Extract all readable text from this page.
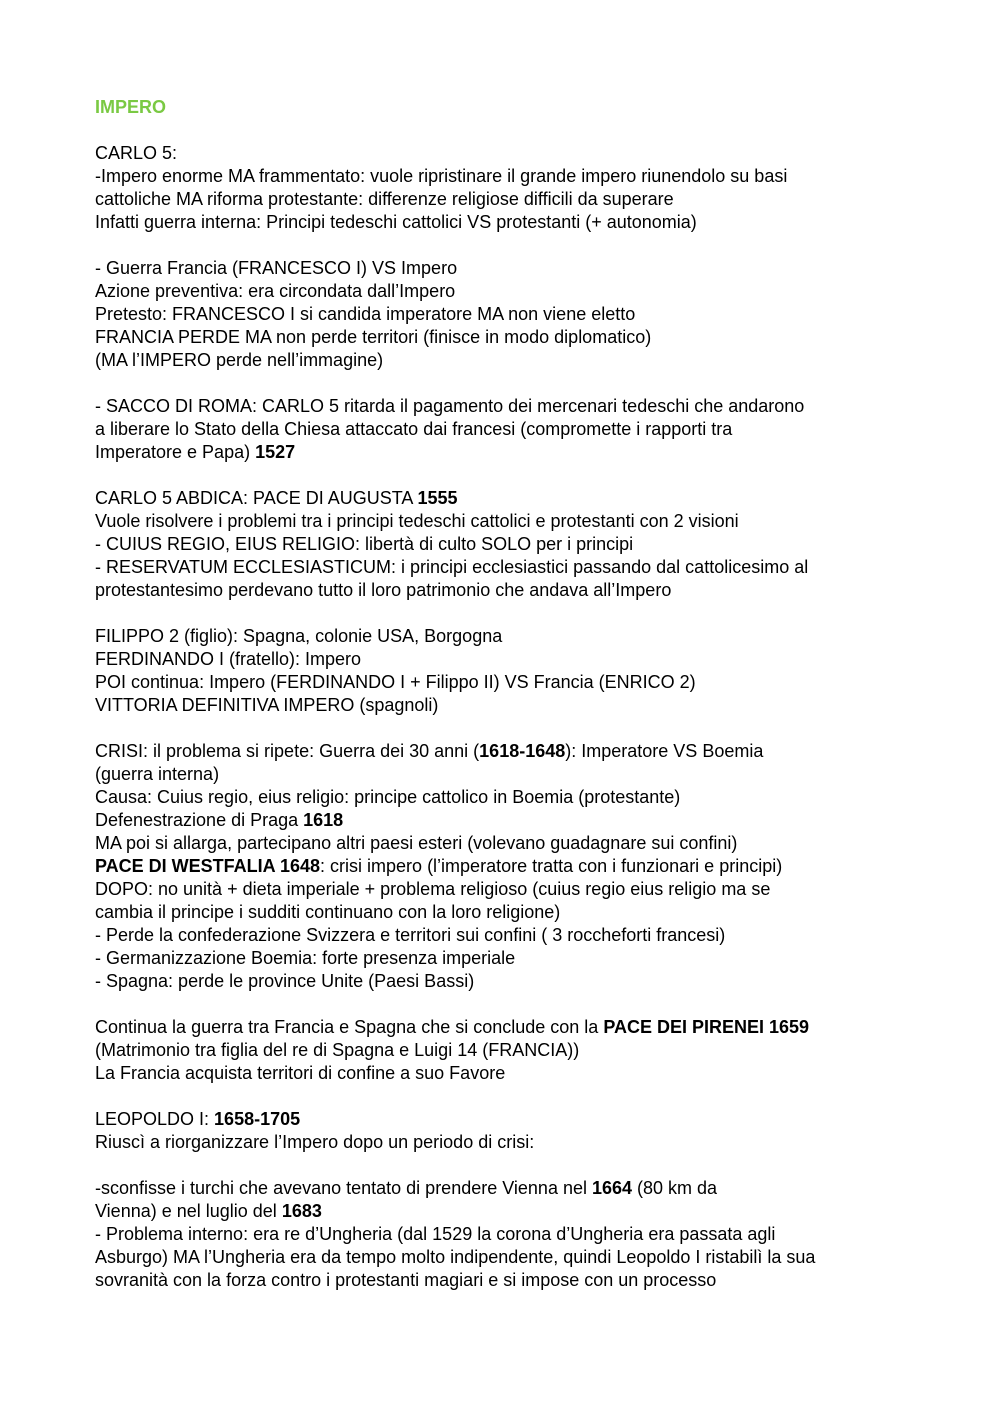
IMPERO

CARLO 5:
-Impero enorme MA frammentato: vuole ripristinare il grande impero riunendolo su basi
cattoliche MA riforma protestante: differenze religiose difficili da superare
Infatti guerra interna: Principi tedeschi cattolici VS protestanti (+ autonomia)
- Guerra Francia (FRANCESCO I) VS Impero
Azione preventiva: era circondata dall’Impero
Pretesto: FRANCESCO I si candida imperatore MA non viene eletto
FRANCIA PERDE MA non perde territori (finisce in modo diplomatico)
(MA l’IMPERO perde nell’immagine)
- SACCO DI ROMA: CARLO 5 ritarda il pagamento dei mercenari tedeschi che andarono
a liberare lo Stato della Chiesa attaccato dai francesi (compromette i rapporti tra
Imperatore e Papa) 1527
CARLO 5 ABDICA: PACE DI AUGUSTA 1555
Vuole risolvere i problemi tra i principi tedeschi cattolici e protestanti con 2 visioni
- CUIUS REGIO, EIUS RELIGIO: libertà di culto SOLO per i principi
- RESERVATUM ECCLESIASTICUM: i principi ecclesiastici passando dal cattolicesimo al
protestantesimo perdevano tutto il loro patrimonio che andava all’Impero
FILIPPO 2 (figlio): Spagna, colonie USA, Borgogna
FERDINANDO I (fratello): Impero
POI continua: Impero (FERDINANDO I + Filippo II) VS Francia (ENRICO 2)
VITTORIA DEFINITIVA IMPERO (spagnoli)
CRISI: il problema si ripete: Guerra dei 30 anni (1618-1648): Imperatore VS Boemia
(guerra interna)
Causa: Cuius regio, eius religio: principe cattolico in Boemia (protestante)
Defenestrazione di Praga 1618
MA poi si allarga, partecipano altri paesi esteri (volevano guadagnare sui confini)
PACE DI WESTFALIA 1648: crisi impero (l’imperatore tratta con i funzionari e principi)
DOPO: no unità + dieta imperiale + problema religioso (cuius regio eius religio ma se
cambia il principe i sudditi continuano con la loro religione)
- Perde la confederazione Svizzera e territori sui confini ( 3 roccheforti francesi)
- Germanizzazione Boemia: forte presenza imperiale
- Spagna: perde le province Unite (Paesi Bassi)
Continua la guerra tra Francia e Spagna che si conclude con la PACE DEI PIRENEI 1659
(Matrimonio tra figlia del re di Spagna e Luigi 14 (FRANCIA))
La Francia acquista territori di confine a suo Favore
LEOPOLDO I: 1658-1705
Riuscì a riorganizzare l’Impero dopo un periodo di crisi:
-sconfisse i turchi che avevano tentato di prendere Vienna nel 1664 (80 km da
Vienna) e nel luglio del 1683
- Problema interno: era re d’Ungheria (dal 1529 la corona d’Ungheria era passata agli
Asburgo) MA l’Ungheria era da tempo molto indipendente, quindi Leopoldo I ristabilì la sua
sovranità con la forza contro i protestanti magiari e si impose con un processo
